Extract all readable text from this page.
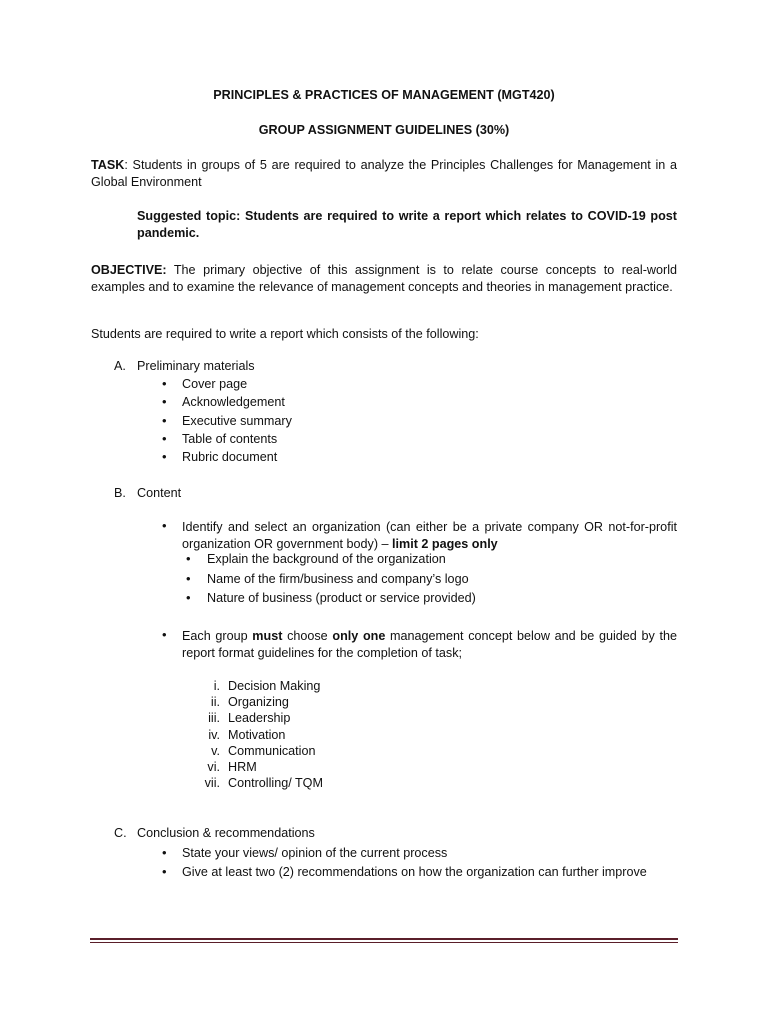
PRINCIPLES & PRACTICES OF MANAGEMENT (MGT420)
GROUP ASSIGNMENT GUIDELINES (30%)
TASK: Students in groups of 5 are required to analyze the Principles Challenges for Management in a Global Environment
Suggested topic: Students are required to write a report which relates to COVID-19 post pandemic.
OBJECTIVE: The primary objective of this assignment is to relate course concepts to real-world examples and to examine the relevance of management concepts and theories in management practice.
Students are required to write a report which consists of the following:
A. Preliminary materials
• Cover page
• Acknowledgement
• Executive summary
• Table of contents
• Rubric document
B. Content
• Identify and select an organization (can either be a private company OR not-for-profit organization OR government body) – limit 2 pages only
• Explain the background of the organization
• Name of the firm/business and company’s logo
• Nature of business (product or service provided)
• Each group must choose only one management concept below and be guided by the report format guidelines for the completion of task;
i. Decision Making
ii. Organizing
iii. Leadership
iv. Motivation
v. Communication
vi. HRM
vii. Controlling/ TQM
C. Conclusion & recommendations
• State your views/ opinion of the current process
• Give at least two (2) recommendations on how the organization can further improve
